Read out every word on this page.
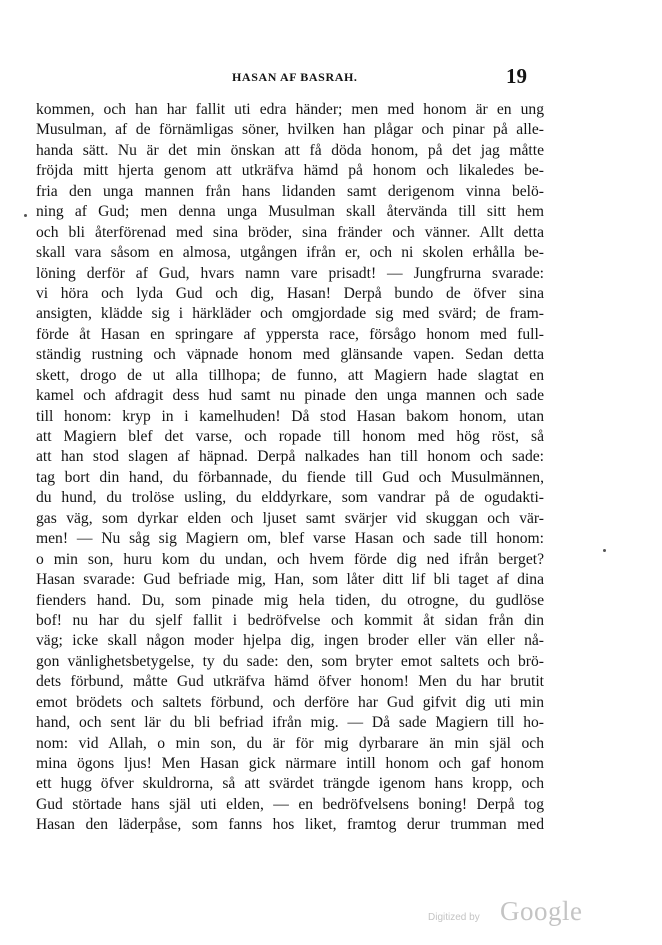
HASAN AF BASRAH.	19
kommen, och han har fallit uti edra händer; men med honom är en ung
Musulman, af de förnämligas söner, hvilken han plågar och pinar på alle-
handa sätt. Nu är det min önskan att få döda honom, på det jag måtte
fröjda mitt hjerta genom att utkräfva hämd på honom och likaledes be-
fria den unga mannen från hans lidanden samt derigenom vinna belö-
ning af Gud; men denna unga Musulman skall återvända till sitt hem
och bli återförenad med sina bröder, sina fränder och vänner. Allt detta
skall vara såsom en almosa, utgången ifrån er, och ni skolen erhålla be-
löning derför af Gud, hvars namn vare prisadt! — Jungfrurna svarade:
vi höra och lyda Gud och dig, Hasan! Derpå bundo de öfver sina
ansigten, klädde sig i härkläder och omgjordade sig med svärd; de fram-
förde åt Hasan en springare af yppersta race, försågo honom med full-
ständig rustning och väpnade honom med glänsande vapen. Sedan detta
skett, drogo de ut alla tillhopa; de funno, att Magiern hade slagtat en
kamel och afdragit dess hud samt nu pinade den unga mannen och sade
till honom: kryp in i kamelhuden! Då stod Hasan bakom honom, utan
att Magiern blef det varse, och ropade till honom med hög röst, så
att han stod slagen af häpnad. Derpå nalkades han till honom och sade:
tag bort din hand, du förbannade, du fiende till Gud och Musulmännen,
du hund, du trolöse usling, du elddyrkare, som vandrar på de ogudakti-
gas väg, som dyrkar elden och ljuset samt svärjer vid skuggan och vär-
men! — Nu såg sig Magiern om, blef varse Hasan och sade till honom:
o min son, huru kom du undan, och hvem förde dig ned ifrån berget?
Hasan svarade: Gud befriade mig, Han, som låter ditt lif bli taget af dina
fienders hand. Du, som pinade mig hela tiden, du otrogne, du gudlöse
bof! nu har du sjelf fallit i bedröfvelse och kommit åt sidan från din
väg; icke skall någon moder hjelpa dig, ingen broder eller vän eller nå-
gon vänlighetsbetygelse, ty du sade: den, som bryter emot saltets och brö-
dets förbund, måtte Gud utkräfva hämd öfver honom! Men du har brutit
emot brödets och saltets förbund, och derföre har Gud gifvit dig uti min
hand, och sent lär du bli befriad ifrån mig. — Då sade Magiern till ho-
nom: vid Allah, o min son, du är för mig dyrbarare än min själ och
mina ögons ljus! Men Hasan gick närmare intill honom och gaf honom
ett hugg öfver skuldrorna, så att svärdet trängde igenom hans kropp, och
Gud störtade hans själ uti elden, — en bedröfvelsens boning! Derpå tog
Hasan den läderpåse, som fanns hos liket, framtog derur trumman med
Digitized by Google
